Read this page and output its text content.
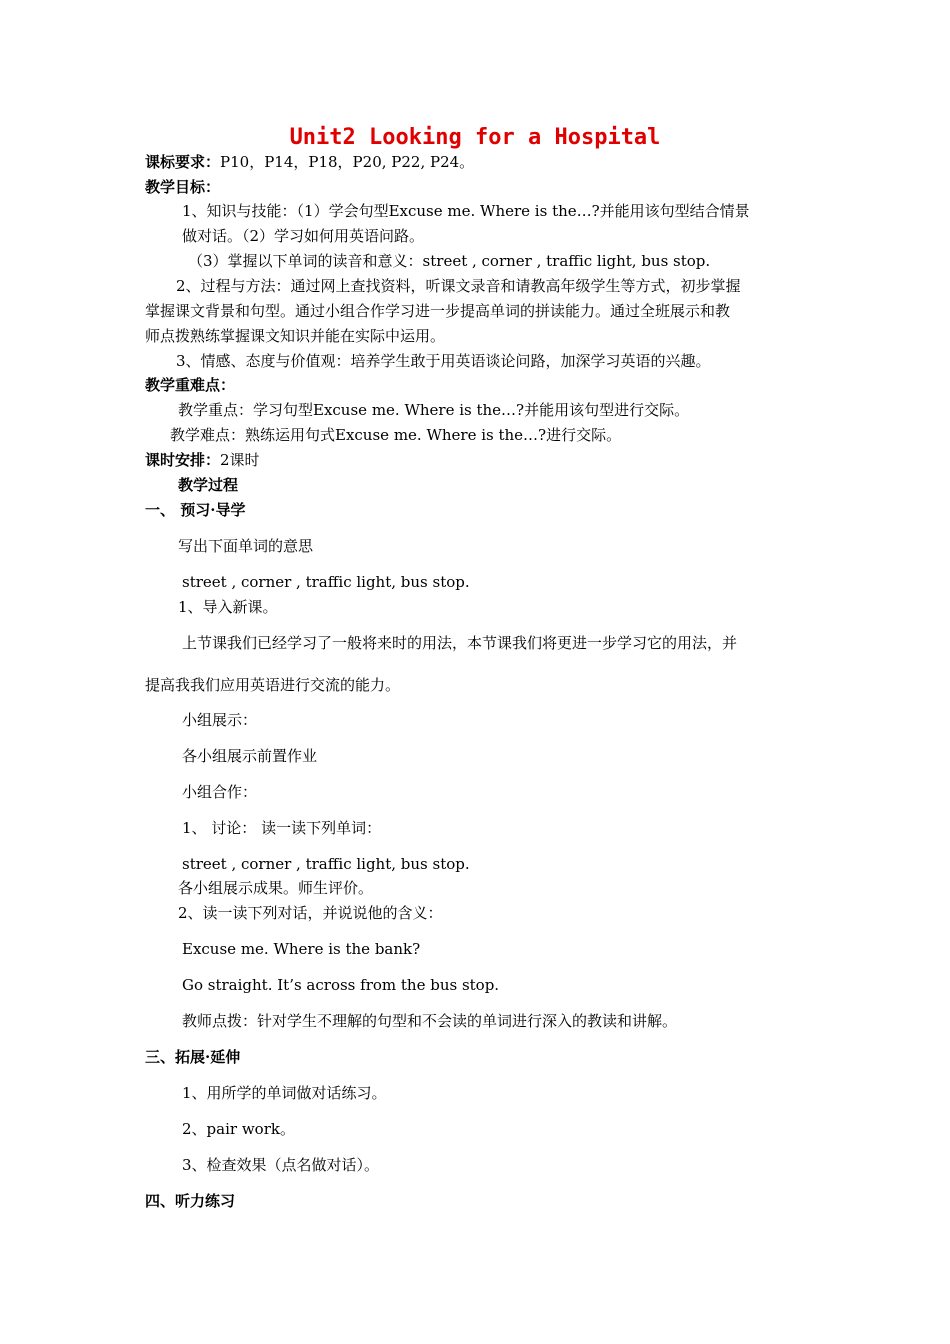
Unit2 Looking for a Hospital
课标要求：P10，P14，P18，P20, P22, P24。
教学目标：
1、知识与技能：（1）学会句型Excuse me. Where is the…?并能用该句型结合情景
做对话。（2）学习如何用英语问路。
（3）掌握以下单词的读音和意义：street , corner , traffic light, bus stop.
2、过程与方法：通过网上查找资料，听课文录音和请教高年级学生等方式，初步掌握
掌握课文背景和句型。通过小组合作学习进一步提高单词的拼读能力。通过全班展示和教
师点拨熟练掌握课文知识并能在实际中运用。
3、情感、态度与价值观：培养学生敢于用英语谈论问路，加深学习英语的兴趣。
教学重难点：
教学重点：学习句型Excuse me. Where is the…?并能用该句型进行交际。
教学难点：熟练运用句式Excuse me. Where is the…?进行交际。
课时安排：2课时
教学过程
一、 预习·导学
写出下面单词的意思
street , corner , traffic light, bus stop.
1、导入新课。
上节课我们已经学习了一般将来时的用法，本节课我们将更进一步学习它的用法，并
提高我我们应用英语进行交流的能力。
小组展示：
各小组展示前置作业
小组合作：
1、 讨论： 读一读下列单词：
street , corner , traffic light, bus stop.
各小组展示成果。师生评价。
2、读一读下列对话，并说说他的含义：
Excuse me. Where is the bank?
Go straight. It’s across from the bus stop.
教师点拨：针对学生不理解的句型和不会读的单词进行深入的教读和讲解。
三、拓展·延伸
1、用所学的单词做对话练习。
2、pair work。
3、检查效果（点名做对话）。
四、听力练习
